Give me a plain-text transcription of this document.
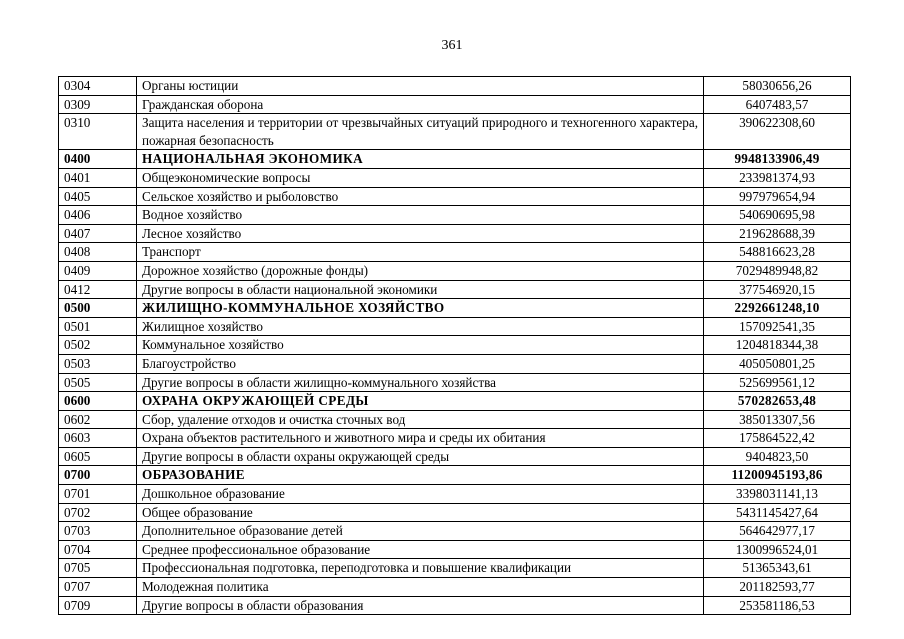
361
0304	Органы юстиции	58030656,26
0309	Гражданская оборона	6407483,57
0310	Защита населения и территории от чрезвычайных ситуаций природного и техногенного характера, пожарная безопасность	390622308,60
0400	НАЦИОНАЛЬНАЯ ЭКОНОМИКА	9948133906,49
0401	Общеэкономические вопросы	233981374,93
0405	Сельское хозяйство и рыболовство	997979654,94
0406	Водное хозяйство	540690695,98
0407	Лесное хозяйство	219628688,39
0408	Транспорт	548816623,28
0409	Дорожное хозяйство (дорожные фонды)	7029489948,82
0412	Другие вопросы в области национальной экономики	377546920,15
0500	ЖИЛИЩНО-КОММУНАЛЬНОЕ ХОЗЯЙСТВО	2292661248,10
0501	Жилищное хозяйство	157092541,35
0502	Коммунальное хозяйство	1204818344,38
0503	Благоустройство	405050801,25
0505	Другие вопросы в области жилищно-коммунального хозяйства	525699561,12
0600	ОХРАНА ОКРУЖАЮЩЕЙ СРЕДЫ	570282653,48
0602	Сбор, удаление отходов и очистка сточных вод	385013307,56
0603	Охрана объектов растительного и животного мира и среды их обитания	175864522,42
0605	Другие вопросы в области охраны окружающей среды	9404823,50
0700	ОБРАЗОВАНИЕ	11200945193,86
0701	Дошкольное образование	3398031141,13
0702	Общее образование	5431145427,64
0703	Дополнительное образование детей	564642977,17
0704	Среднее профессиональное образование	1300996524,01
0705	Профессиональная подготовка, переподготовка и повышение квалификации	51365343,61
0707	Молодежная политика	201182593,77
0709	Другие вопросы в области образования	253581186,53
